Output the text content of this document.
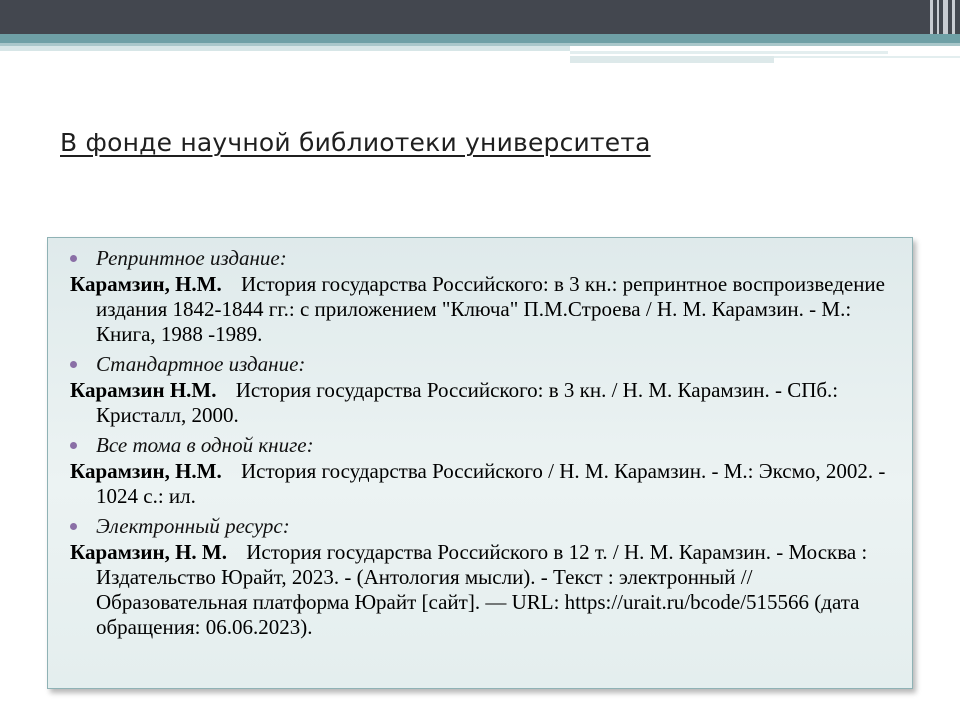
В фонде научной библиотеки университета
Репринтное издание:
Карамзин, Н.М. История государства Российского: в 3 кн.: репринтное воспроизведение издания 1842-1844 гг.: с приложением "Ключа" П.М.Строева / Н. М. Карамзин. - М.: Книга, 1988 -1989.
Стандартное издание:
Карамзин Н.М. История государства Российского: в 3 кн. / Н. М. Карамзин. - СПб.: Кристалл, 2000.
Все тома в одной книге:
Карамзин, Н.М. История государства Российского / Н. М. Карамзин. - М.: Эксмо, 2002. - 1024 с.: ил.
Электронный ресурс:
Карамзин, Н. М. История государства Российского в 12 т. / Н. М. Карамзин. - Москва : Издательство Юрайт, 2023. - (Антология мысли). - Текст : электронный // Образовательная платформа Юрайт [сайт]. — URL: https://urait.ru/bcode/515566 (дата обращения: 06.06.2023).
